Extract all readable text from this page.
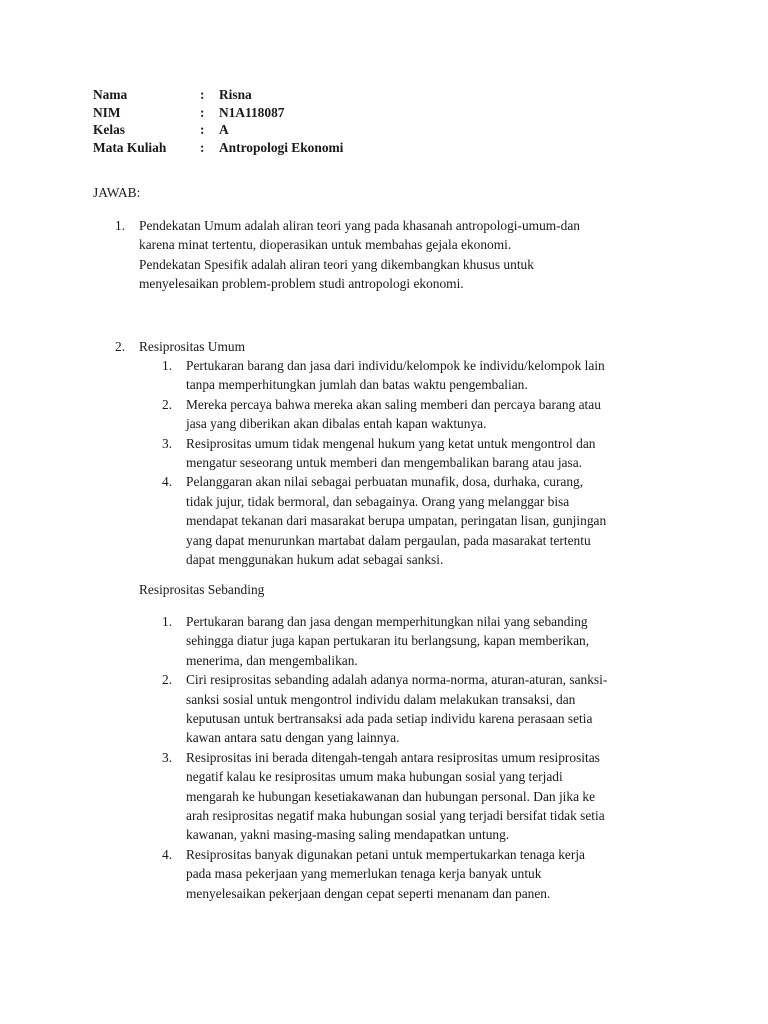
Nama	:	Risna
NIM	:	N1A118087
Kelas	:	A
Mata Kuliah	:	Antropologi Ekonomi
JAWAB:
1. Pendekatan Umum adalah aliran teori yang pada khasanah antropologi-umum-dan
karena minat tertentu, dioperasikan untuk membahas gejala ekonomi.
Pendekatan Spesifik adalah aliran teori yang dikembangkan khusus untuk
menyelesaikan problem-problem studi antropologi ekonomi.
2. Resiprositas Umum
1. Pertukaran barang dan jasa dari individu/kelompok ke individu/kelompok lain
tanpa memperhitungkan jumlah dan batas waktu pengembalian.
2. Mereka percaya bahwa mereka akan saling memberi dan percaya barang atau
jasa yang diberikan akan dibalas entah kapan waktunya.
3. Resiprositas umum tidak mengenal hukum yang ketat untuk mengontrol dan
mengatur seseorang untuk memberi dan mengembalikan barang atau jasa.
4. Pelanggaran akan nilai sebagai perbuatan munafik, dosa, durhaka, curang,
tidak jujur, tidak bermoral, dan sebagainya. Orang yang melanggar bisa
mendapat tekanan dari masarakat berupa umpatan, peringatan lisan, gunjingan
yang dapat menurunkan martabat dalam pergaulan, pada masarakat tertentu
dapat menggunakan hukum adat sebagai sanksi.
Resiprositas Sebanding
1. Pertukaran barang dan jasa dengan memperhitungkan nilai yang sebanding
sehingga diatur juga kapan pertukaran itu berlangsung, kapan memberikan,
menerima, dan mengembalikan.
2. Ciri resiprositas sebanding adalah adanya norma-norma, aturan-aturan, sanksi-
sanksi sosial untuk mengontrol individu dalam melakukan transaksi, dan
keputusan untuk bertransaksi ada pada setiap individu karena perasaan setia
kawan antara satu dengan yang lainnya.
3. Resiprositas ini berada ditengah-tengah antara resiprositas umum resiprositas
negatif kalau ke resiprositas umum maka hubungan sosial yang terjadi
mengarah ke hubungan kesetiakawanan dan hubungan personal. Dan jika ke
arah resiprositas negatif maka hubungan sosial yang terjadi bersifat tidak setia
kawanan, yakni masing-masing saling mendapatkan untung.
4. Resiprositas banyak digunakan petani untuk mempertukarkan tenaga kerja
pada masa pekerjaan yang memerlukan tenaga kerja banyak untuk
menyelesaikan pekerjaan dengan cepat seperti menanam dan panen.
